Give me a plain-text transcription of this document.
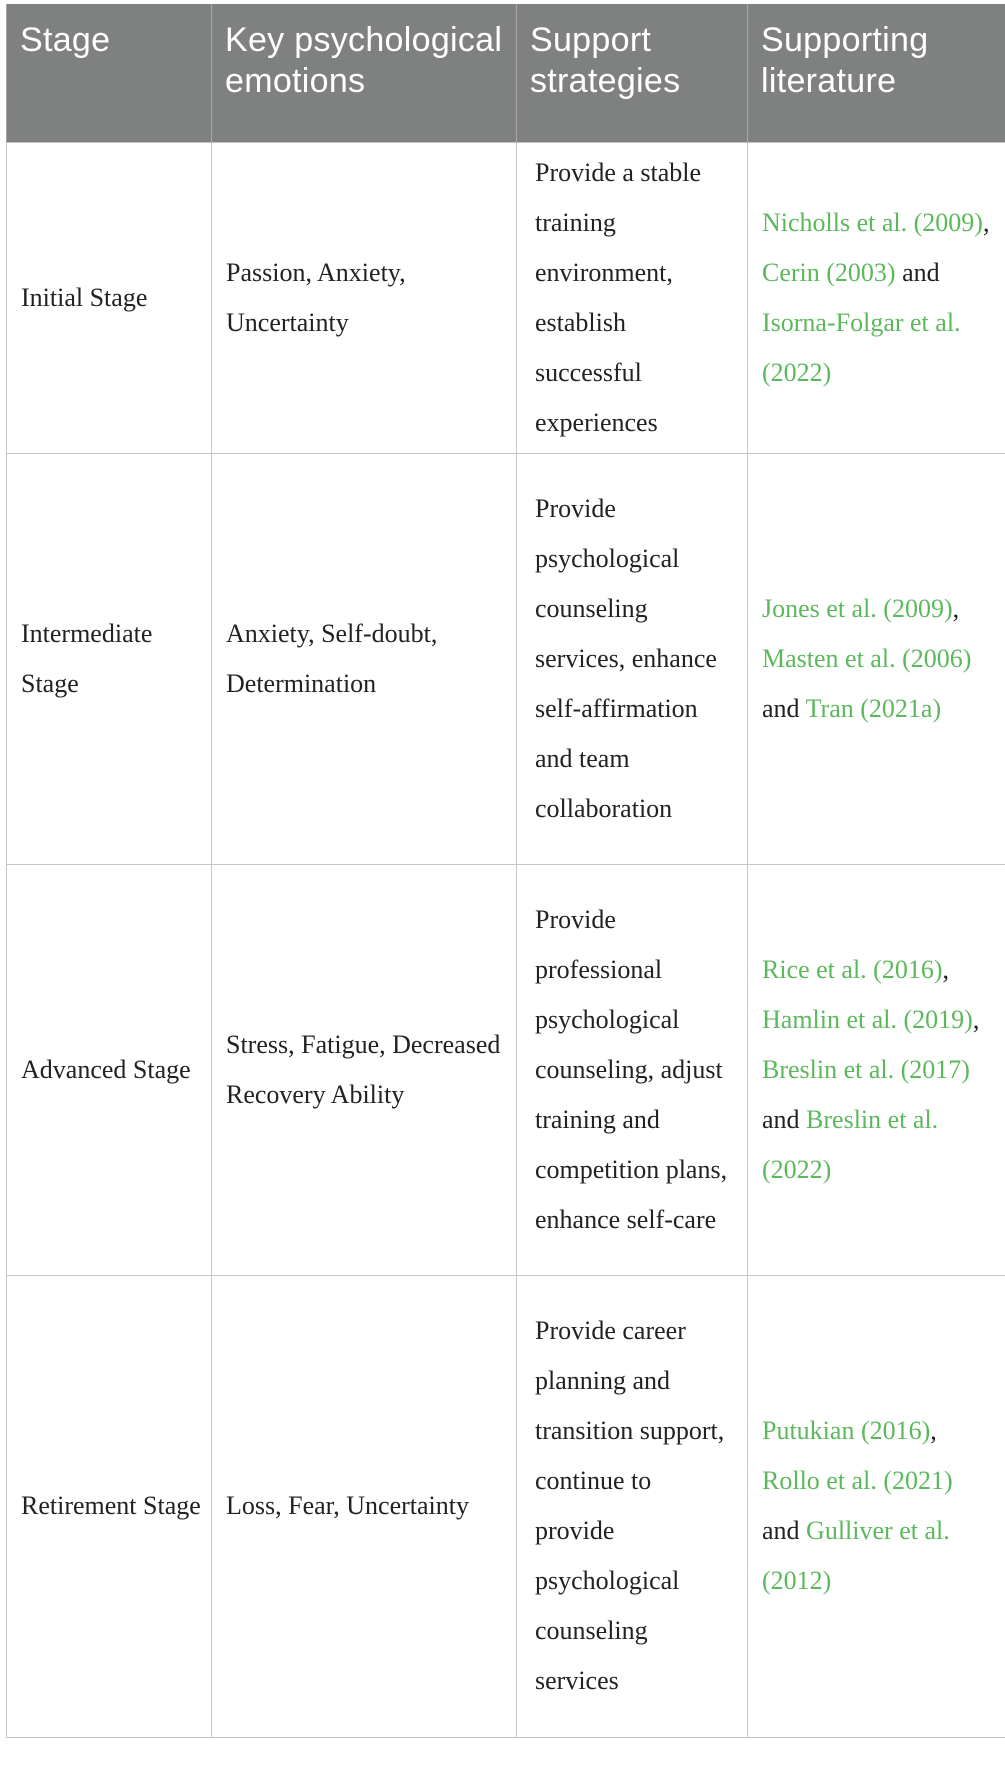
Stage	Key psychological emotions	Support strategies	Supporting literature
Initial Stage	Passion, Anxiety, Uncertainty	Provide a stable training environment, establish successful experiences	Nicholls et al. (2009), Cerin (2003) and Isorna-Folgar et al. (2022)
Intermediate Stage	Anxiety, Self-doubt, Determination	Provide psychological counseling services, enhance self-affirmation and team collaboration	Jones et al. (2009), Masten et al. (2006) and Tran (2021a)
Advanced Stage	Stress, Fatigue, Decreased Recovery Ability	Provide professional psychological counseling, adjust training and competition plans, enhance self-care	Rice et al. (2016), Hamlin et al. (2019), Breslin et al. (2017) and Breslin et al. (2022)
Retirement Stage	Loss, Fear, Uncertainty	Provide career planning and transition support, continue to provide psychological counseling services	Putukian (2016), Rollo et al. (2021) and Gulliver et al. (2012)
